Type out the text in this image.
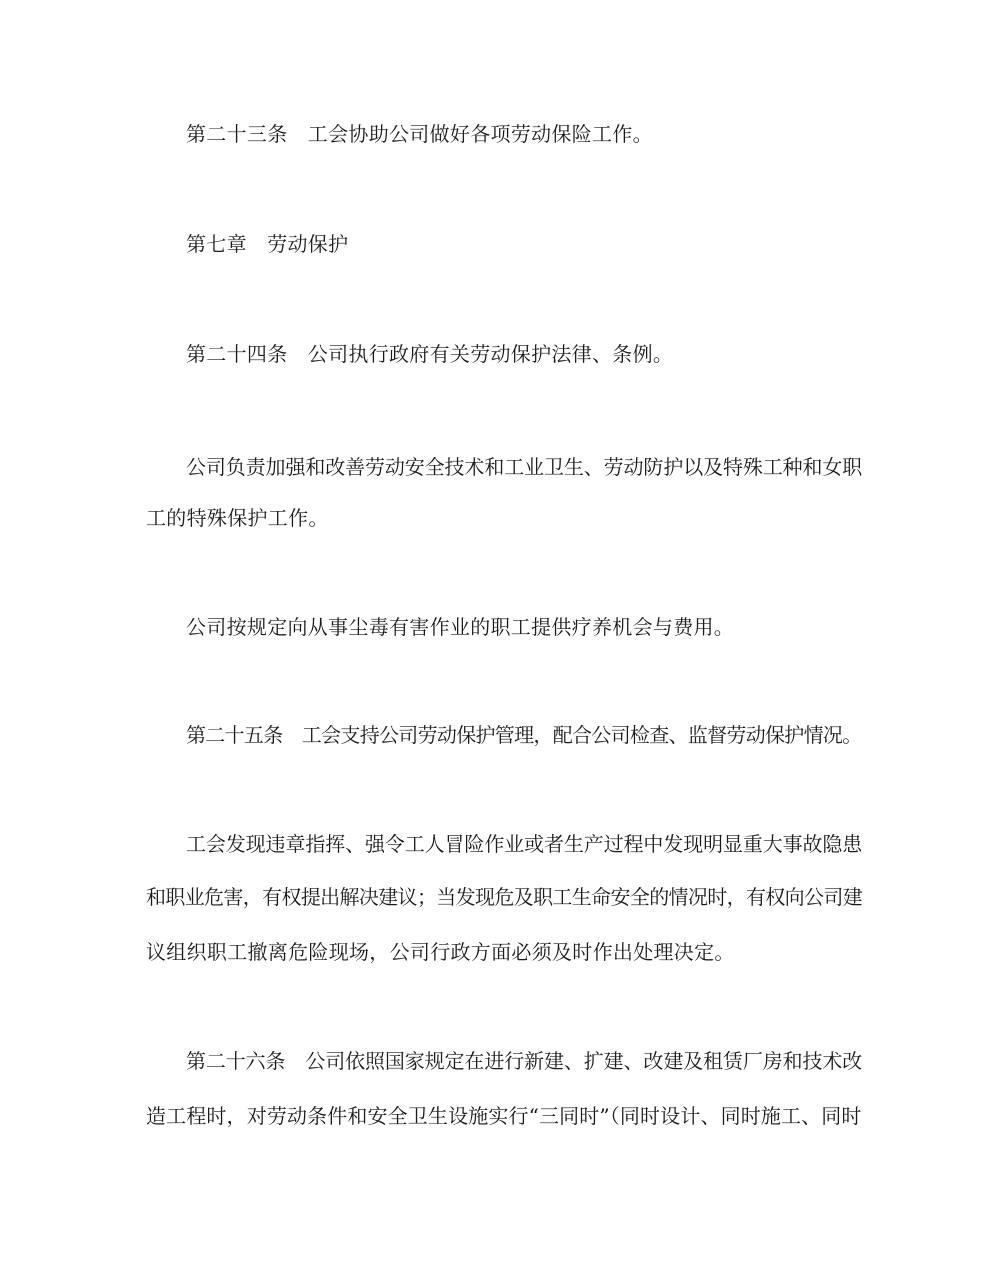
第二十三条　工会协助公司做好各项劳动保险工作。
第七章　劳动保护
第二十四条　公司执行政府有关劳动保护法律、条例。
公司负责加强和改善劳动安全技术和工业卫生、劳动防护以及特殊工种和女职
工的特殊保护工作。
公司按规定向从事尘毒有害作业的职工提供疗养机会与费用。
第二十五条　工会支持公司劳动保护管理，配合公司检查、监督劳动保护情况。
工会发现违章指挥、强令工人冒险作业或者生产过程中发现明显重大事故隐患
和职业危害，有权提出解决建议；当发现危及职工生命安全的情况时，有权向公司建
议组织职工撤离危险现场，公司行政方面必须及时作出处理决定。
第二十六条　公司依照国家规定在进行新建、扩建、改建及租赁厂房和技术改
造工程时，对劳动条件和安全卫生设施实行“三同时”（同时设计、同时施工、同时
